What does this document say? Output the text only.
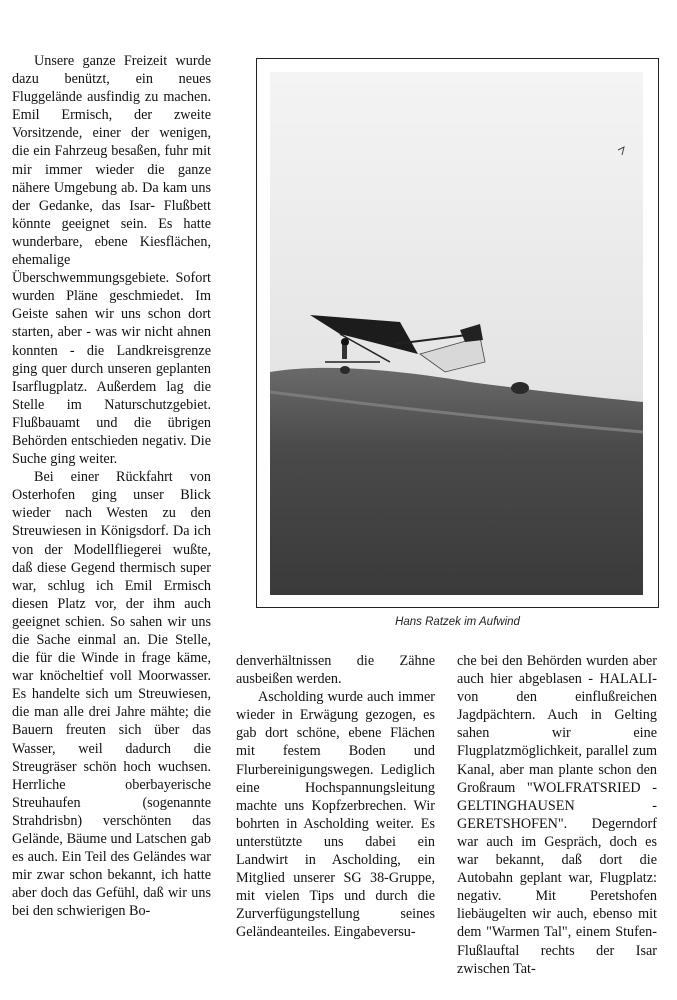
Unsere ganze Freizeit wurde dazu benützt, ein neues Fluggelände ausfindig zu machen. Emil Ermisch, der zweite Vorsitzende, einer der wenigen, die ein Fahrzeug besaßen, fuhr mit mir immer wieder die ganze nähere Umgebung ab. Da kam uns der Gedanke, das Isar- Flußbett könnte geeignet sein. Es hatte wunderbare, ebene Kiesflächen, ehemalige Überschwemmungsgebiete. Sofort wurden Pläne geschmiedet. Im Geiste sahen wir uns schon dort starten, aber - was wir nicht ahnen konnten - die Landkreisgrenze ging quer durch unseren geplanten Isarflugplatz. Außerdem lag die Stelle im Naturschutzgebiet. Flußbauamt und die übrigen Behörden entschieden negativ. Die Suche ging weiter.

Bei einer Rückfahrt von Osterhofen ging unser Blick wieder nach Westen zu den Streuwiesen in Königsdorf. Da ich von der Modellfliegerei wußte, daß diese Gegend thermisch super war, schlug ich Emil Ermisch diesen Platz vor, der ihm auch geeignet schien. So sahen wir uns die Sache einmal an. Die Stelle, die für die Winde in frage käme, war knöcheltief voll Moorwasser. Es handelte sich um Streuwiesen, die man alle drei Jahre mähte; die Bauern freuten sich über das Wasser, weil dadurch die Streugräser schön hoch wuchsen. Herrliche oberbayerische Streuhaufen (sogenannte Strahdrisbn) verschönten das Gelände, Bäume und Latschen gab es auch. Ein Teil des Geländes war mir zwar schon bekannt, ich hatte aber doch das Gefühl, daß wir uns bei den schwierigen Bo-

Hans Ratzek im Aufwind

denverhältnissen die Zähne ausbeißen werden.

Ascholding wurde auch immer wieder in Erwägung gezogen, es gab dort schöne, ebene Flächen mit festem Boden und Flurbereinigungswegen. Lediglich eine Hochspannungsleitung machte uns Kopfzerbrechen. Wir bohrten in Ascholding weiter. Es unterstützte uns dabei ein Landwirt in Ascholding, ein Mitglied unserer SG 38-Gruppe, mit vielen Tips und durch die Zurverfügungstellung seines Geländeanteiles. Eingabeversu-

che bei den Behörden wurden aber auch hier abgeblasen - HALALI- von den einflußreichen Jagdpächtern. Auch in Gelting sahen wir eine Flugplatzmöglichkeit, parallel zum Kanal, aber man plante schon den Großraum "WOLFRATSRIED - GELTINGHAUSEN - GERETSHOFEN". Degerndorf war auch im Gespräch, doch es war bekannt, daß dort die Autobahn geplant war, Flugplatz: negativ. Mit Peretshofen liebäugelten wir auch, ebenso mit dem "Warmen Tal", einem Stufen-Flußlauftal rechts der Isar zwischen Tat-
